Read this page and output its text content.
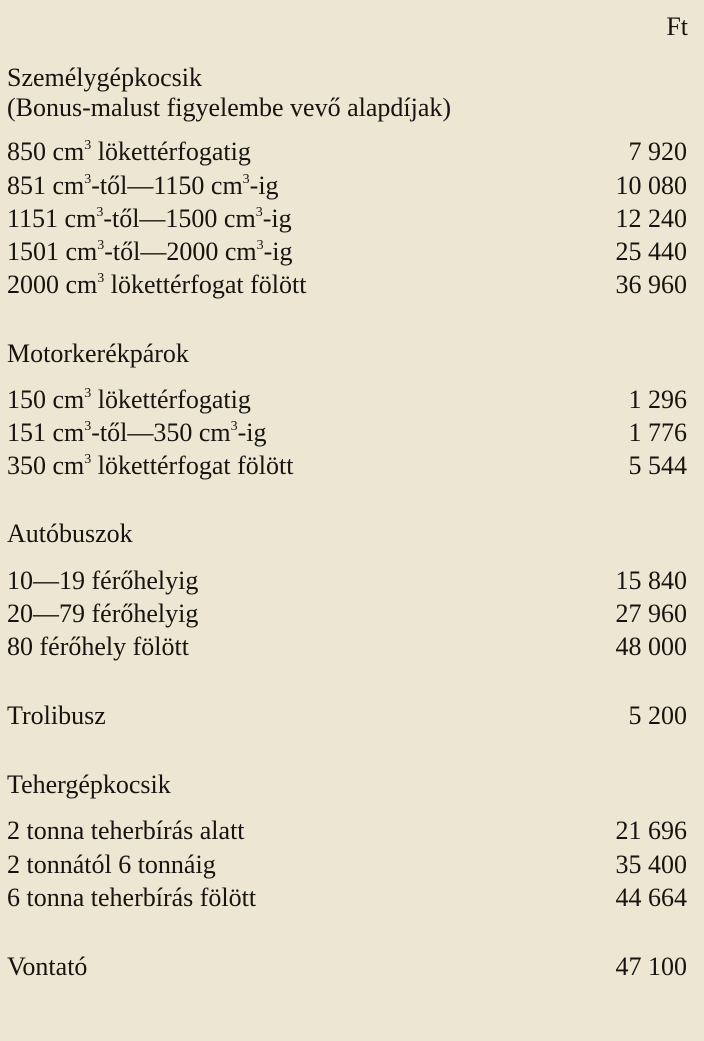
Ft
Személygépkocsik
(Bonus-malust figyelembe vevő alapdíjak)
850 $cm^3$ lökettérfogatig	7 920
851 $cm^3-től—1150$ $cm^3-ig$	10 080
1151 $cm^3-től—1500$ $cm^3-ig$	12 240
1501 $cm^3-től—2000$ $cm^3-ig$	25 440
2000 $cm^3$ lökettérfogat fölött	36 960
Motorkerékpárok
150 $cm^3$ lökettérfogatig	1 296
151 $cm^3-től—350$ $cm^3-ig$	1 776
350 $cm^3$ lökettérfogat fölött	5 544
Autóbuszok
10—19 férőhelyig	15 840
20—79 férőhelyig	27 960
80 férőhely fölött	48 000
Trolibusz	5 200
Tehergépkocsik
2 tonna teherbírás alatt	21 696
2 tonnától 6 tonnáig	35 400
6 tonna teherbírás fölött	44 664
Vontató	47 100
